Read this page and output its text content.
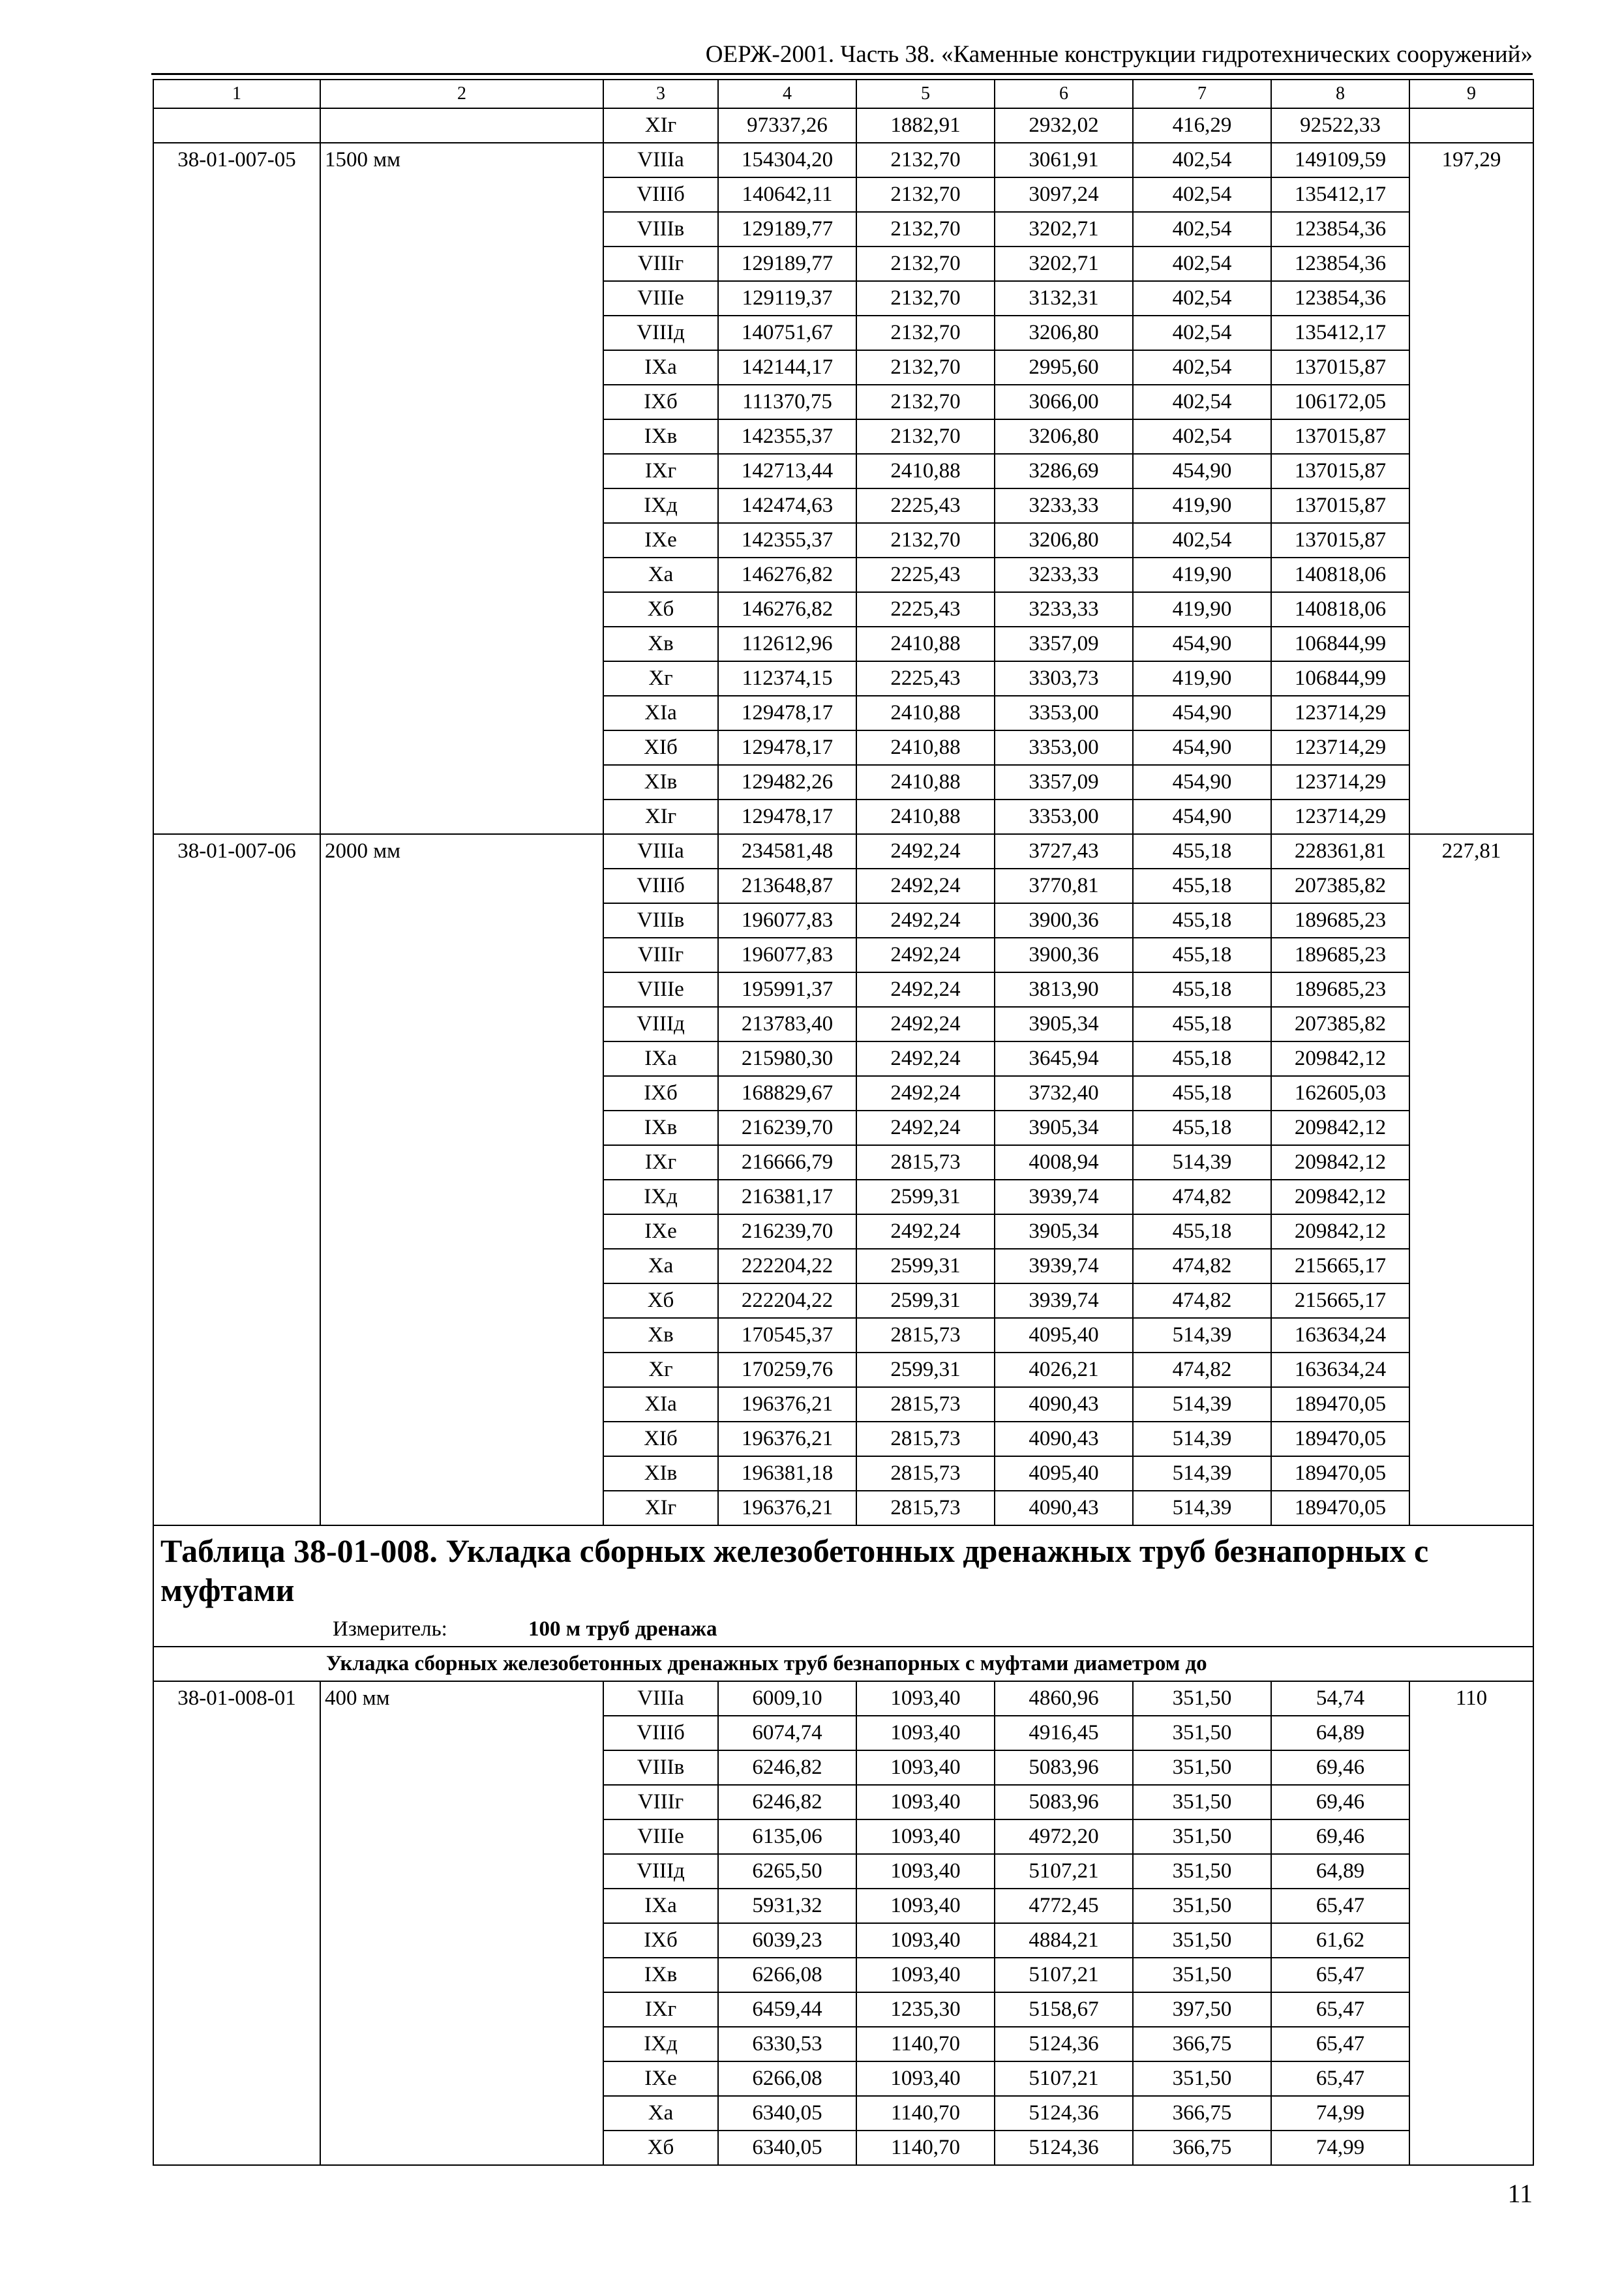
ОЕРЖ-2001. Часть 38. «Каменные конструкции гидротехнических сооружений»
1	2	3	4	5	6	7	8	9
		XIг	97337,26	1882,91	2932,02	416,29	92522,33	
38-01-007-05	1500 мм	VIIIa	154304,20	2132,70	3061,91	402,54	149109,59	197,29
		VIIIб	140642,11	2132,70	3097,24	402,54	135412,17	
		VIIIв	129189,77	2132,70	3202,71	402,54	123854,36	
		VIIIг	129189,77	2132,70	3202,71	402,54	123854,36	
		VIIIе	129119,37	2132,70	3132,31	402,54	123854,36	
		VIIIд	140751,67	2132,70	3206,80	402,54	135412,17	
		IXa	142144,17	2132,70	2995,60	402,54	137015,87	
		IXб	111370,75	2132,70	3066,00	402,54	106172,05	
		IXв	142355,37	2132,70	3206,80	402,54	137015,87	
		IXг	142713,44	2410,88	3286,69	454,90	137015,87	
		IXд	142474,63	2225,43	3233,33	419,90	137015,87	
		IXе	142355,37	2132,70	3206,80	402,54	137015,87	
		Xa	146276,82	2225,43	3233,33	419,90	140818,06	
		Xб	146276,82	2225,43	3233,33	419,90	140818,06	
		Xв	112612,96	2410,88	3357,09	454,90	106844,99	
		Xг	112374,15	2225,43	3303,73	419,90	106844,99	
		XIa	129478,17	2410,88	3353,00	454,90	123714,29	
		XIб	129478,17	2410,88	3353,00	454,90	123714,29	
		XIв	129482,26	2410,88	3357,09	454,90	123714,29	
		XIг	129478,17	2410,88	3353,00	454,90	123714,29	
38-01-007-06	2000 мм	VIIIa	234581,48	2492,24	3727,43	455,18	228361,81	227,81
		VIIIб	213648,87	2492,24	3770,81	455,18	207385,82	
		VIIIв	196077,83	2492,24	3900,36	455,18	189685,23	
		VIIIг	196077,83	2492,24	3900,36	455,18	189685,23	
		VIIIе	195991,37	2492,24	3813,90	455,18	189685,23	
		VIIIд	213783,40	2492,24	3905,34	455,18	207385,82	
		IXa	215980,30	2492,24	3645,94	455,18	209842,12	
		IXб	168829,67	2492,24	3732,40	455,18	162605,03	
		IXв	216239,70	2492,24	3905,34	455,18	209842,12	
		IXг	216666,79	2815,73	4008,94	514,39	209842,12	
		IXд	216381,17	2599,31	3939,74	474,82	209842,12	
		IXе	216239,70	2492,24	3905,34	455,18	209842,12	
		Xa	222204,22	2599,31	3939,74	474,82	215665,17	
		Xб	222204,22	2599,31	3939,74	474,82	215665,17	
		Xв	170545,37	2815,73	4095,40	514,39	163634,24	
		Xг	170259,76	2599,31	4026,21	474,82	163634,24	
		XIa	196376,21	2815,73	4090,43	514,39	189470,05	
		XIб	196376,21	2815,73	4090,43	514,39	189470,05	
		XIв	196381,18	2815,73	4095,40	514,39	189470,05	
		XIг	196376,21	2815,73	4090,43	514,39	189470,05	

Таблица 38-01-008. Укладка сборных железобетонных дренажных труб безнапорных с муфтами
Измеритель: 100 м труб дренажа								

Укладка сборных железобетонных дренажных труб безнапорных с муфтами диаметром до								
38-01-008-01	400 мм	VIIIa	6009,10	1093,40	4860,96	351,50	54,74	110
		VIIIб	6074,74	1093,40	4916,45	351,50	64,89	
		VIIIв	6246,82	1093,40	5083,96	351,50	69,46	
		VIIIг	6246,82	1093,40	5083,96	351,50	69,46	
		VIIIе	6135,06	1093,40	4972,20	351,50	69,46	
		VIIIд	6265,50	1093,40	5107,21	351,50	64,89	
		IXa	5931,32	1093,40	4772,45	351,50	65,47	
		IXб	6039,23	1093,40	4884,21	351,50	61,62	
		IXв	6266,08	1093,40	5107,21	351,50	65,47	
		IXг	6459,44	1235,30	5158,67	397,50	65,47	
		IXд	6330,53	1140,70	5124,36	366,75	65,47	
		IXе	6266,08	1093,40	5107,21	351,50	65,47	
		Xa	6340,05	1140,70	5124,36	366,75	74,99	
		Xб	6340,05	1140,70	5124,36	366,75	74,99	
11
